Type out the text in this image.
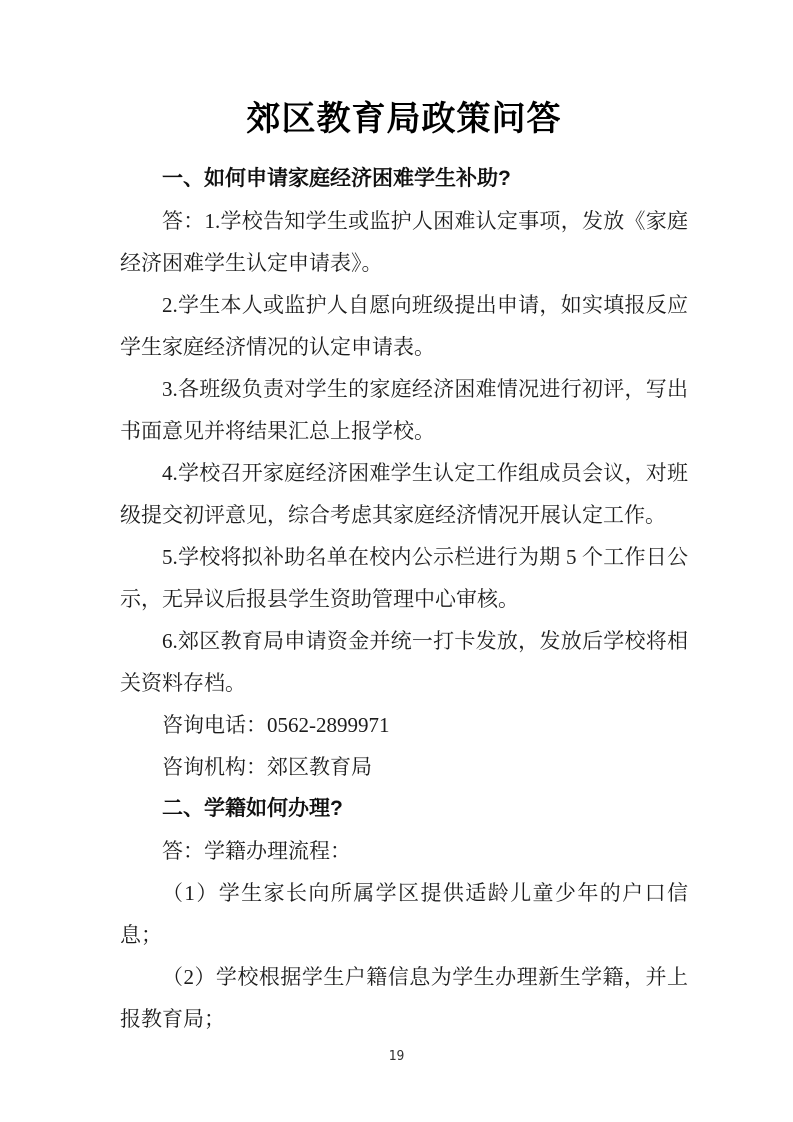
郊区教育局政策问答
一、如何申请家庭经济困难学生补助?

答：1.学校告知学生或监护人困难认定事项，发放《家庭经济困难学生认定申请表》。

2.学生本人或监护人自愿向班级提出申请，如实填报反应学生家庭经济情况的认定申请表。

3.各班级负责对学生的家庭经济困难情况进行初评，写出书面意见并将结果汇总上报学校。

4.学校召开家庭经济困难学生认定工作组成员会议，对班级提交初评意见，综合考虑其家庭经济情况开展认定工作。

5.学校将拟补助名单在校内公示栏进行为期 5 个工作日公示，无异议后报县学生资助管理中心审核。

6.郊区教育局申请资金并统一打卡发放，发放后学校将相关资料存档。

咨询电话：0562-2899971

咨询机构：郊区教育局

二、学籍如何办理?

答：学籍办理流程：

（1）学生家长向所属学区提供适龄儿童少年的户口信息；

（2）学校根据学生户籍信息为学生办理新生学籍，并上报教育局；

19
